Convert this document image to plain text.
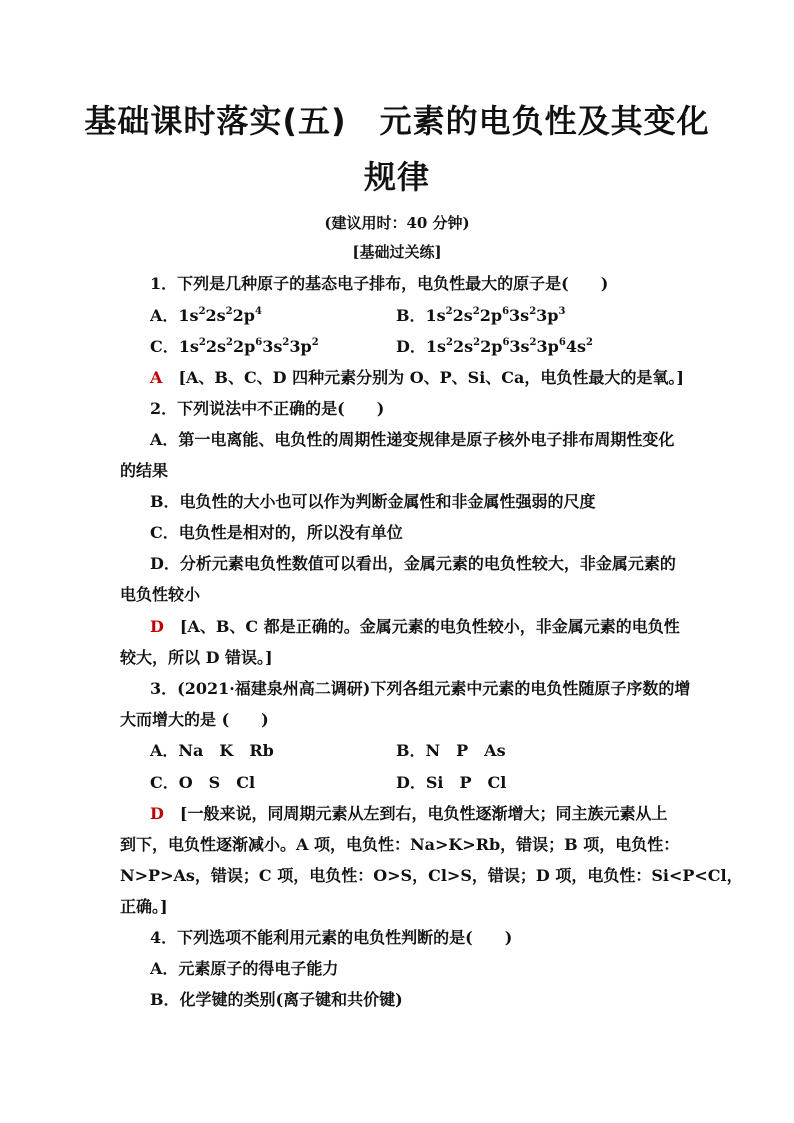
基础课时落实(五)　元素的电负性及其变化
规律
(建议用时：40 分钟)
[基础过关练]
1．下列是几种原子的基态电子排布，电负性最大的原子是(　　)
A．$1s^22s^22p^4$	B．$1s^22s^22p^63s^23p^3$
C．$1s^22s^22p^63s^23p^2$	D．$1s^22s^22p^63s^23p^64s^2$
A　 [A、B、C、D 四种元素分别为 O、P、Si、Ca，电负性最大的是氧。]
2．下列说法中不正确的是(　　)
A．第一电离能、电负性的周期性递变规律是原子核外电子排布周期性变化
的结果
B．电负性的大小也可以作为判断金属性和非金属性强弱的尺度
C．电负性是相对的，所以没有单位
D．分析元素电负性数值可以看出，金属元素的电负性较大，非金属元素的
电负性较小
D　 [A、B、C 都是正确的。金属元素的电负性较小，非金属元素的电负性
较大，所以 D 错误。]
3．(2021·福建泉州高二调研)下列各组元素中元素的电负性随原子序数的增
大而增大的是 (　　)
A．Na　K　Rb	B．N　P　As
C．O　S　Cl	D．Si　P　Cl
D　 [一般来说，同周期元素从左到右，电负性逐渐增大；同主族元素从上
到下，电负性逐渐减小。A 项，电负性：Na>K>Rb，错误；B 项，电负性：
N>P>As，错误；C 项，电负性：O>S，Cl>S，错误；D 项，电负性：Si<P<Cl，
正确。]
4．下列选项不能利用元素的电负性判断的是(　　)
A．元素原子的得电子能力
B．化学键的类别(离子键和共价键)
